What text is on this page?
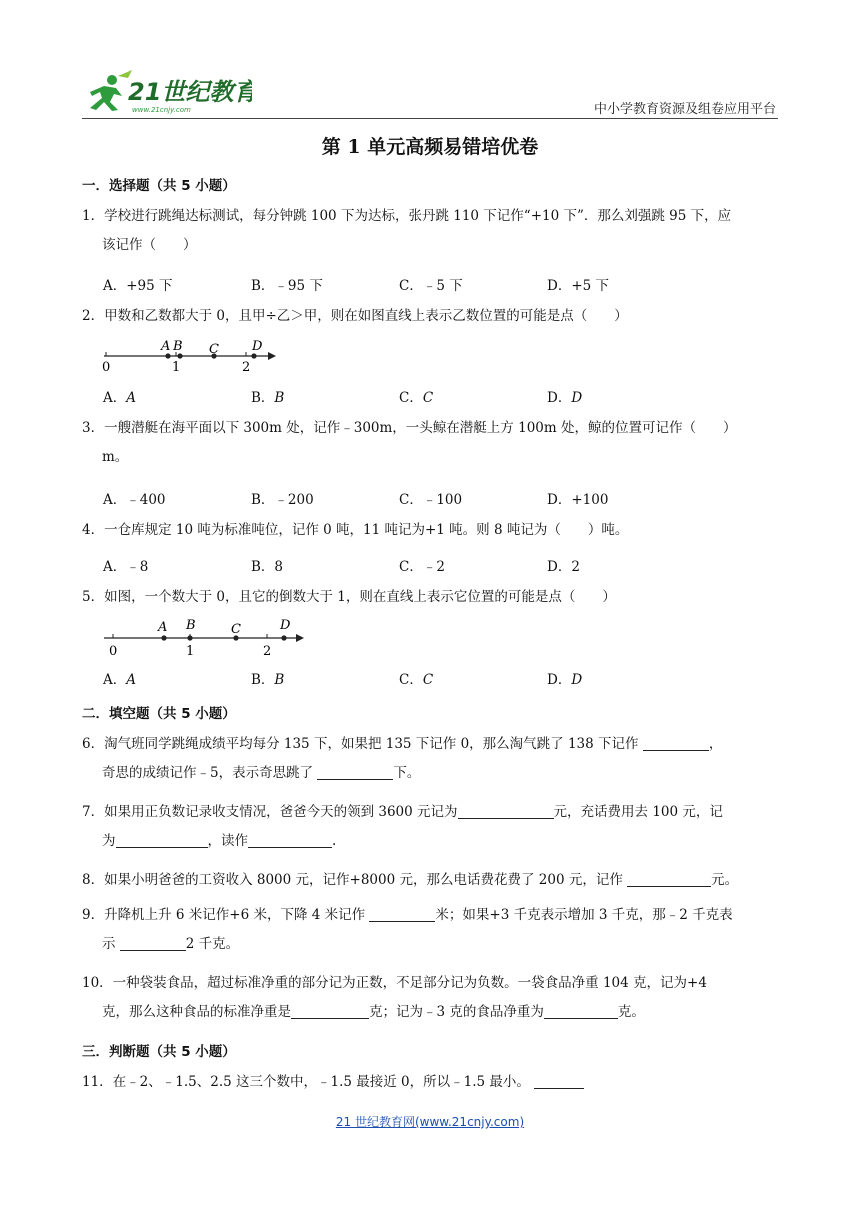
21世纪教育
www.21cnjy.com	中小学教育资源及组卷应用平台
第 1 单元高频易错培优卷
一．选择题（共 5 小题）
1．学校进行跳绳达标测试，每分钟跳 100 下为达标，张丹跳 110 下记作“+10 下”．那么刘强跳 95 下，应
该记作（　　）
A．+95 下	B．﹣95 下	C．﹣5 下	D．+5 下
2．甲数和乙数都大于 0，且甲÷乙＞甲，则在如图直线上表示乙数位置的可能是点（　　）
A B C	D
0	1	2
A．A	B．B	C．C	D．D
3．一艘潜艇在海平面以下 300m 处，记作﹣300m，一头鲸在潜艇上方 100m 处，鲸的位置可记作（　　）
m。
A．﹣400	B．﹣200	C．﹣100	D．+100
4．一仓库规定 10 吨为标准吨位，记作 0 吨，11 吨记为+1 吨。则 8 吨记为（　　）吨。
A．﹣8	B．8	C．﹣2	D．2
5．如图，一个数大于 0，且它的倒数大于 1，则在直线上表示它位置的可能是点（　　）
A B	C	D
0	1	2
A．A	B．B	C．C	D．D
二．填空题（共 5 小题）
6．淘气班同学跳绳成绩平均每分 135 下，如果把 135 下记作 0，那么淘气跳了 138 下记作	，
奇思的成绩记作﹣5，表示奇思跳了	下。
7．如果用正负数记录收支情况，爸爸今天的领到 3600 元记为	元，充话费用去 100 元，记
为	，读作	.
8．如果小明爸爸的工资收入 8000 元，记作+8000 元，那么电话费花费了 200 元，记作	元。
9．升降机上升 6 米记作+6 米，下降 4 米记作	米；如果+3 千克表示增加 3 千克，那﹣2 千克表
示	2 千克。
10．一种袋装食品，超过标准净重的部分记为正数，不足部分记为负数。一袋食品净重 104 克，记为+4
克，那么这种食品的标准净重是	克；记为﹣3 克的食品净重为	克。
三．判断题（共 5 小题）
11．在﹣2、﹣1.5、2.5 这三个数中，﹣1.5 最接近 0，所以﹣1.5 最小。
21 世纪教育网(www.21cnjy.com)
